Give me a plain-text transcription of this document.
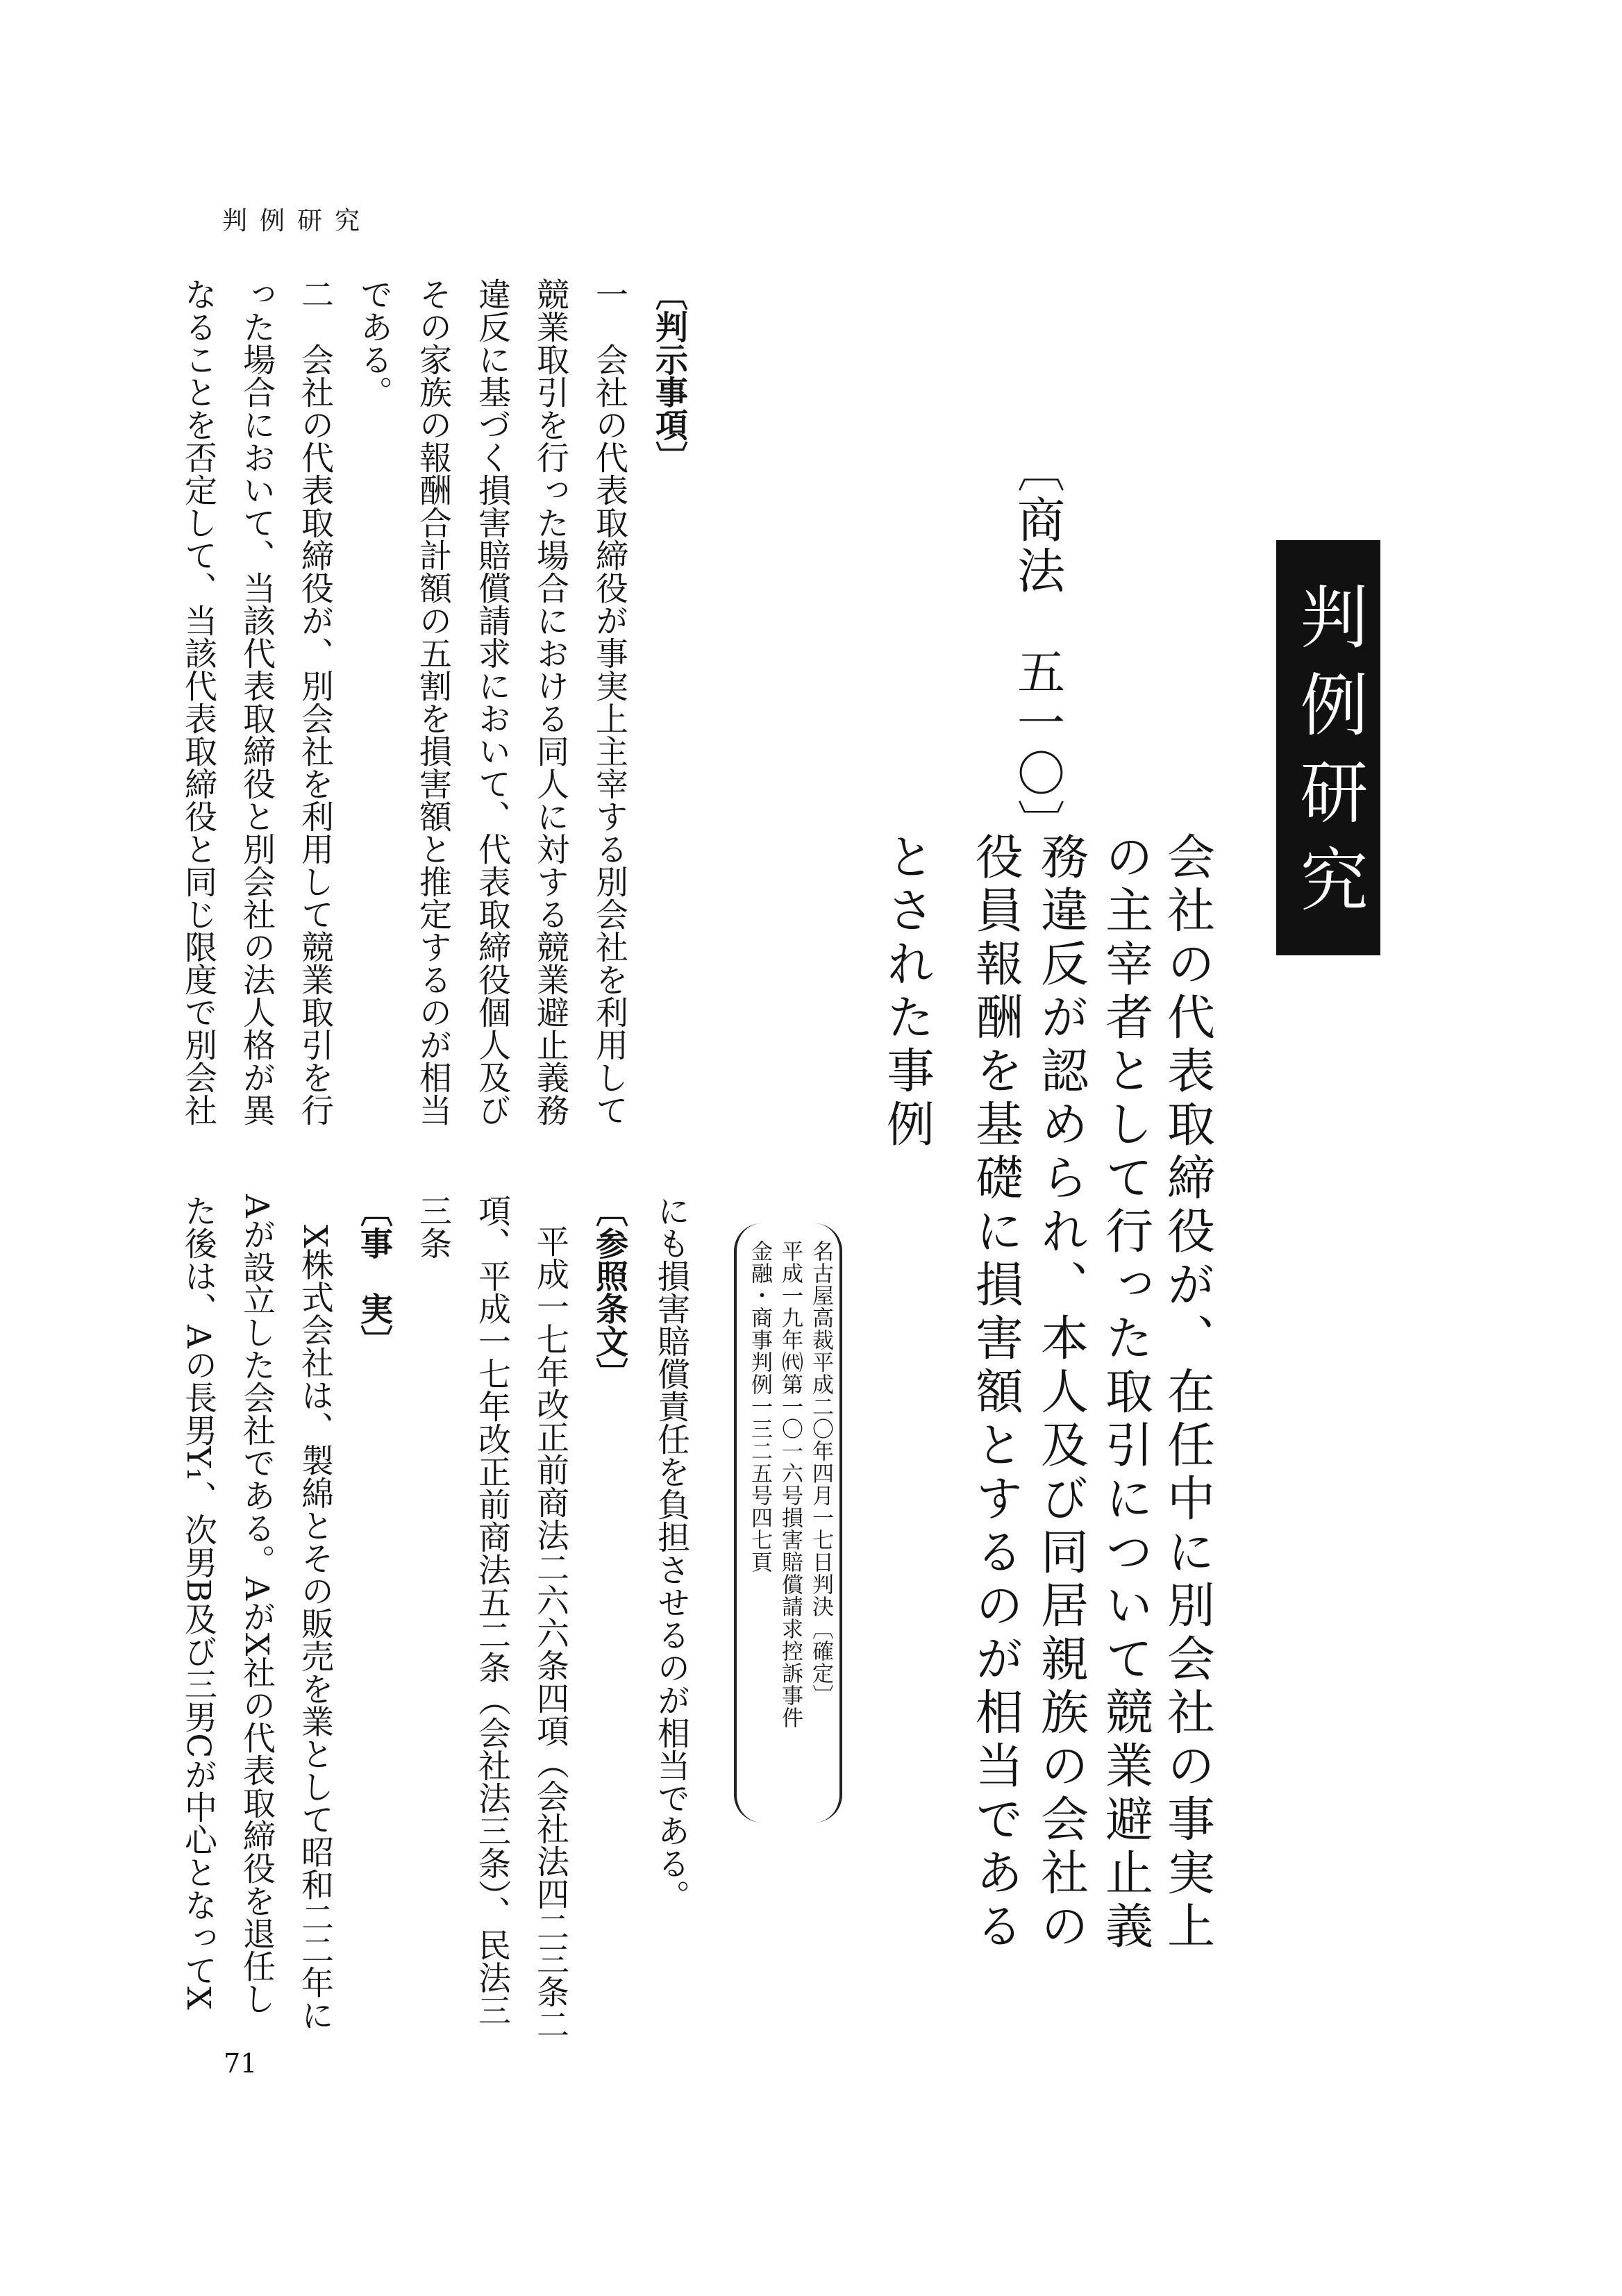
判例研究
判例研究
会社の代表取締役が、在任中に別会社の事実上
の主宰者として行った取引について競業避止義
務違反が認められ、本人及び同居親族の会社の
役員報酬を基礎に損害額とするのが相当である
とされた事例
〔商法　五一〇〕
名古屋高裁平成二〇年四月一七日判決〔確定〕
平成一九年㈹第一〇一六号損害賠償請求控訴事件
金融・商事判例一三二五号四七頁
〔判示事項〕
一　会社の代表取締役が事実上主宰する別会社を利用して
競業取引を行った場合における同人に対する競業避止義務
違反に基づく損害賠償請求において、代表取締役個人及び
その家族の報酬合計額の五割を損害額と推定するのが相当
である。
二　会社の代表取締役が、別会社を利用して競業取引を行
った場合において、当該代表取締役と別会社の法人格が異
なることを否定して、当該代表取締役と同じ限度で別会社
にも損害賠償責任を負担させるのが相当である。
〔参照条文〕
平成一七年改正前商法二六六条四項（会社法四二三条二
項、平成一七年改正前商法五二条（会社法三条）、民法三
三条
〔事　実〕
X株式会社は、製綿とその販売を業として昭和二二年に
Aが設立した会社である。AがX社の代表取締役を退任し
た後は、Aの長男Y₁、次男B及び三男Cが中心となってX
71
